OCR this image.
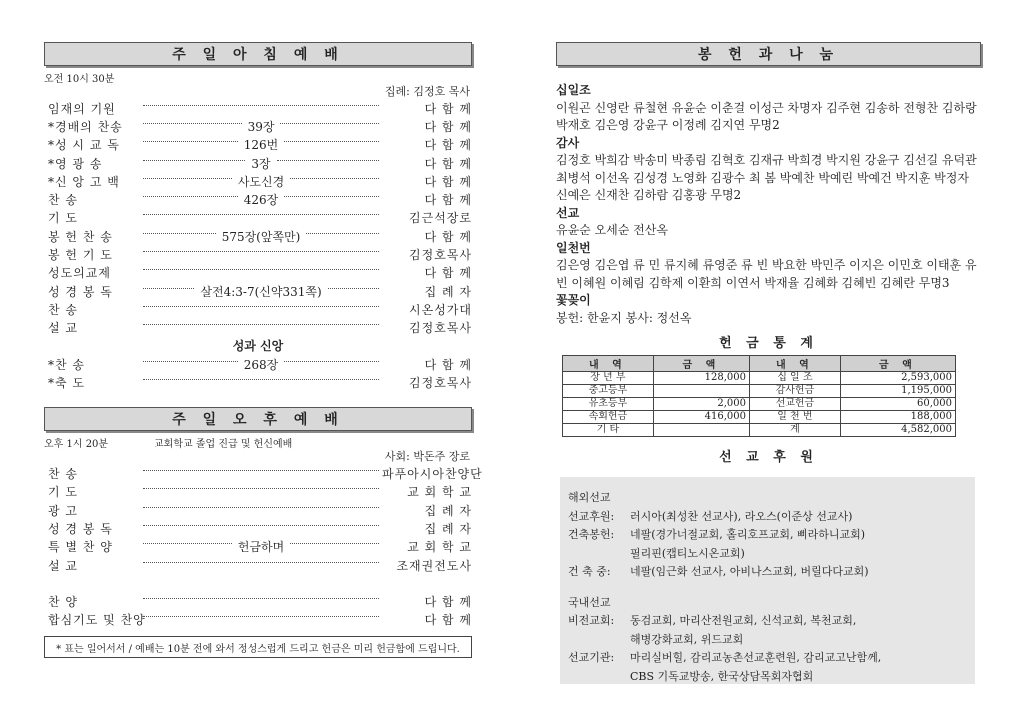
주 일 아 침 예 배
오전 10시 30분
집례: 김정호 목사
임재의 기원	다 함 께
*경배의 찬송	39장	다 함 께
*성 시 교 독	126번	다 함 께
*영 광 송	3장	다 함 께
*신 앙 고 백	사도신경	다 함 께
찬 송	426장	다 함 께
기 도	김근석장로
봉 헌 찬 송	575장(앞쪽만)	다 함 께
봉 헌 기 도	김정호목사
성도의교제	다 함 께
성 경 봉 독	살전4:3-7(신약331쪽)	집 례 자
찬 송	시온성가대
설 교	김정호목사
성과 신앙
*찬 송	268장	다 함 께
*축 도	김정호목사
주 일 오 후 예 배
오후 1시 20분	교회학교 졸업 진급 및 헌신예배
사회: 박돈주 장로
찬 송	파푸아시아찬양단
기 도	교 회 학 교
광 고	집 례 자
성 경 봉 독	집 례 자
특 별 찬 양	헌금하며	교 회 학 교
설 교	조재권전도사
찬 양	다 함 께
합심기도 및 찬양	다 함 께
* 표는 일어서서 / 예배는 10분 전에 와서 정성스럽게 드리고 헌금은 미리 헌금함에 드립니다.
봉 헌 과 나 눔
십일조
이원곤 신영란 류철현 유윤순 이춘걸 이성근 차명자 김주현 김송하 전형찬 김하랑 박재호 김은영 강윤구 이정례 김지연 무명2
감사
김정호 박희감 박송미 박종림 김혁호 김재규 박희경 박지원 강윤구 김선길 유덕관 최병석 이선옥 김성경 노영화 김광수 최 봄 박예찬 박예린 박예건 박지훈 박정자 신예은 신재찬 김하람 김홍광 무명2
선교
유윤순 오세순 전산옥
일천번
김은영 김은엽 류 민 류지혜 류영준 류 빈 박요한 박민주 이지은 이민호 이태훈 유 빈 이혜원 이혜림 김학제 이환희 이연서 박재율 김혜화 김혜빈 김혜란 무명3
꽃꽂이
봉헌: 한윤지 봉사: 정선옥
헌 금 통 계
내 역	금 액	내 역	금 액
장 년 부	128,000	십 일 조	2,593,000
중고등부		감사헌금	1,195,000
유초등부	2,000	선교헌금	60,000
속회헌금	416,000	일 천 번	188,000
기 타		계	4,582,000
선 교 후 원
해외선교
선교후원:	러시아(최성찬 선교사), 라오스(이준상 선교사)
건축봉헌:	네팔(경가너절교회, 홀리호프교회, 삐라하니교회)
필리핀(캡티노시온교회)
건 축 중:	네팔(임근화 선교사, 아비나스교회, 버릴다다교회)
국내선교
비전교회:	동검교회, 마리산전원교회, 신석교회, 복천교회,
해병강화교회, 위드교회
선교기관:	마리실버힐, 감리교농촌선교훈련원, 감리교고난함께,
CBS 기독교방송, 한국상담목회자협회
